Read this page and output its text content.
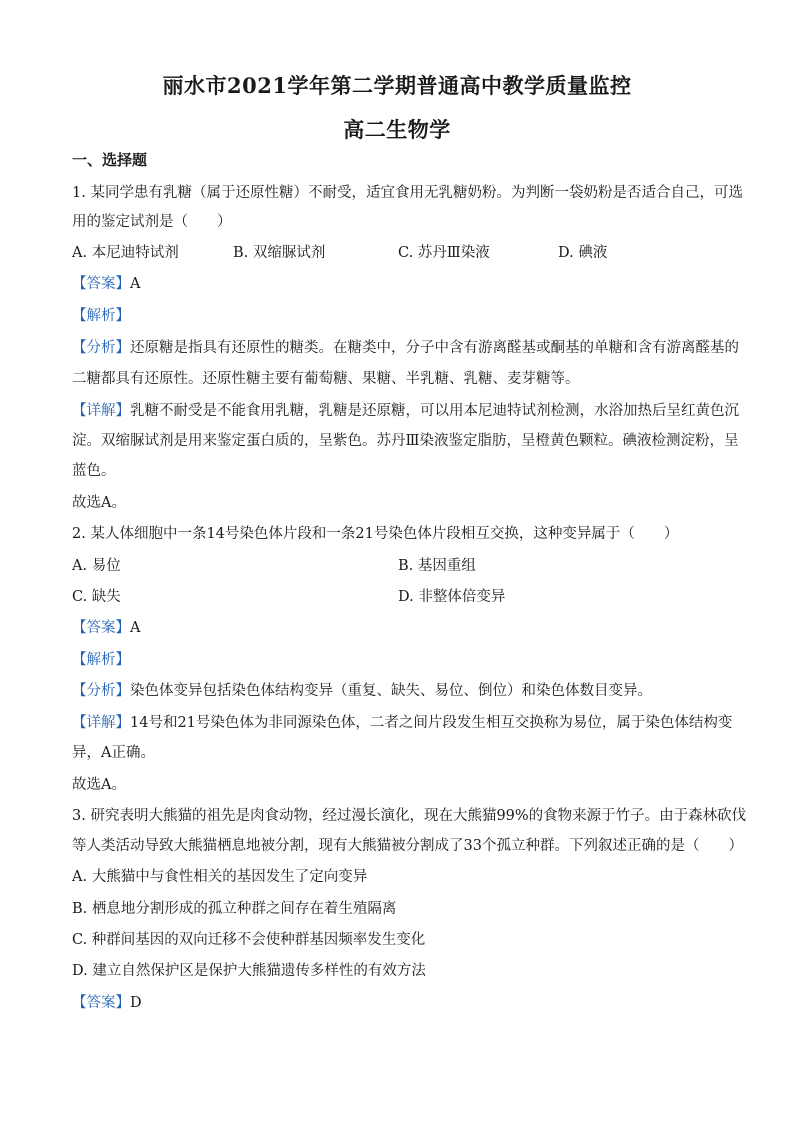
丽水市2021学年第二学期普通高中教学质量监控
高二生物学
一、选择题
1. 某同学患有乳糖（属于还原性糖）不耐受，适宜食用无乳糖奶粉。为判断一袋奶粉是否适合自己，可选
用的鉴定试剂是（　　）
A. 本尼迪特试剂	B. 双缩脲试剂	C. 苏丹Ⅲ染液	D. 碘液
【答案】A
【解析】
【分析】还原糖是指具有还原性的糖类。在糖类中，分子中含有游离醛基或酮基的单糖和含有游离醛基的
二糖都具有还原性。还原性糖主要有葡萄糖、果糖、半乳糖、乳糖、麦芽糖等。
【详解】乳糖不耐受是不能食用乳糖，乳糖是还原糖，可以用本尼迪特试剂检测，水浴加热后呈红黄色沉
淀。双缩脲试剂是用来鉴定蛋白质的，呈紫色。苏丹Ⅲ染液鉴定脂肪，呈橙黄色颗粒。碘液检测淀粉，呈
蓝色。
故选A。
2. 某人体细胞中一条14号染色体片段和一条21号染色体片段相互交换，这种变异属于（　　）
A. 易位	B. 基因重组
C. 缺失	D. 非整体倍变异
【答案】A
【解析】
【分析】染色体变异包括染色体结构变异（重复、缺失、易位、倒位）和染色体数目变异。
【详解】14号和21号染色体为非同源染色体，二者之间片段发生相互交换称为易位，属于染色体结构变
异，A正确。
故选A。
3. 研究表明大熊猫的祖先是肉食动物，经过漫长演化，现在大熊猫99%的食物来源于竹子。由于森林砍伐
等人类活动导致大熊猫栖息地被分割，现有大熊猫被分割成了33个孤立种群。下列叙述正确的是（　　）
A. 大熊猫中与食性相关的基因发生了定向变异
B. 栖息地分割形成的孤立种群之间存在着生殖隔离
C. 种群间基因的双向迁移不会使种群基因频率发生变化
D. 建立自然保护区是保护大熊猫遗传多样性的有效方法
【答案】D
